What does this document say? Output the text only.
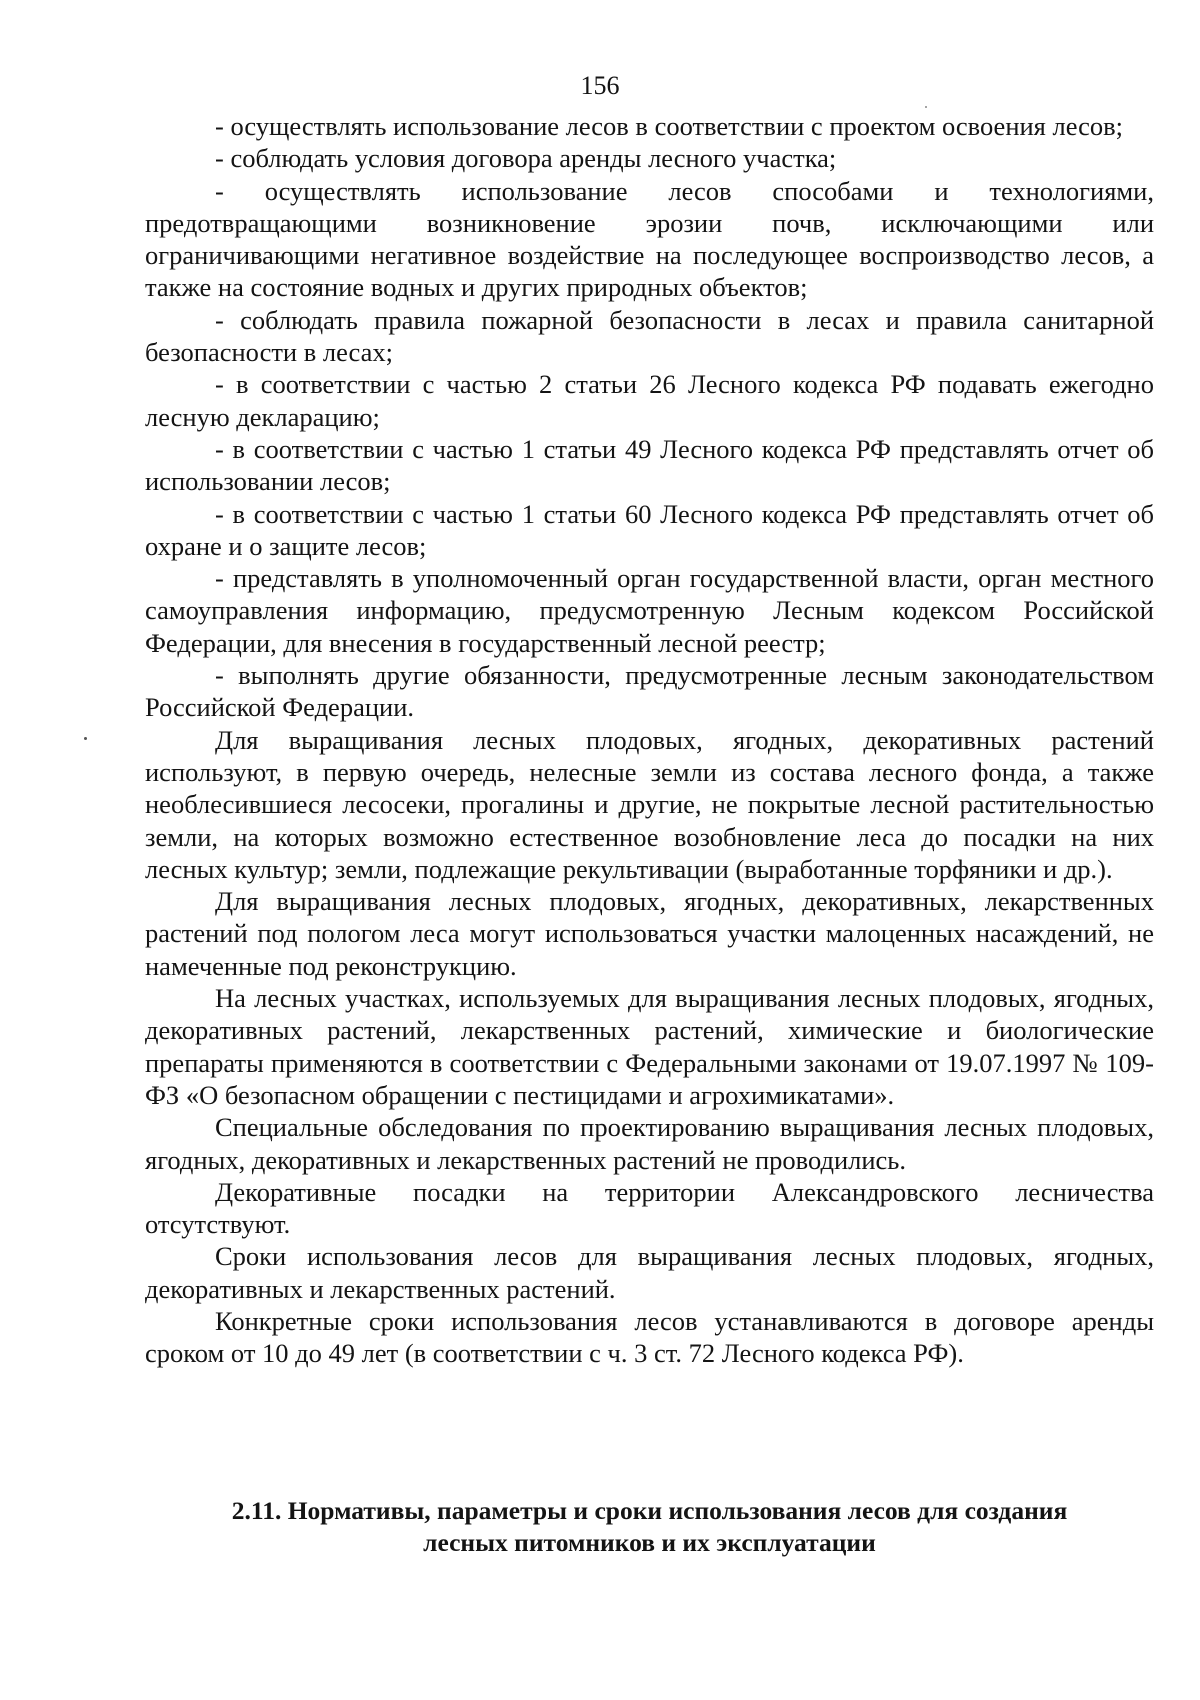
156

- осуществлять использование лесов в соответствии с проектом освоения лесов;

- соблюдать условия договора аренды лесного участка;

- осуществлять использование лесов способами и технологиями, предотвращающими возникновение эрозии почв, исключающими или ограничивающими негативное воздействие на последующее воспроизводство лесов, а также на состояние водных и других природных объектов;

- соблюдать правила пожарной безопасности в лесах и правила санитарной безопасности в лесах;

- в соответствии с частью 2 статьи 26 Лесного кодекса РФ подавать ежегодно лесную декларацию;

- в соответствии с частью 1 статьи 49 Лесного кодекса РФ представлять отчет об использовании лесов;

- в соответствии с частью 1 статьи 60 Лесного кодекса РФ представлять отчет об охране и о защите лесов;

- представлять в уполномоченный орган государственной власти, орган местного самоуправления информацию, предусмотренную Лесным кодексом Российской Федерации, для внесения в государственный лесной реестр;

- выполнять другие обязанности, предусмотренные лесным законодательством Российской Федерации.

Для выращивания лесных плодовых, ягодных, декоративных растений используют, в первую очередь, нелесные земли из состава лесного фонда, а также необлесившиеся лесосеки, прогалины и другие, не покрытые лесной растительностью земли, на которых возможно естественное возобновление леса до посадки на них лесных культур; земли, подлежащие рекультивации (выработанные торфяники и др.).

Для выращивания лесных плодовых, ягодных, декоративных, лекарственных растений под пологом леса могут использоваться участки малоценных насаждений, не намеченные под реконструкцию.

На лесных участках, используемых для выращивания лесных плодовых, ягодных, декоративных растений, лекарственных растений, химические и биологические препараты применяются в соответствии с Федеральными законами от 19.07.1997 № 109-ФЗ «О безопасном обращении с пестицидами и агрохимикатами».

Специальные обследования по проектированию выращивания лесных плодовых, ягодных, декоративных и лекарственных растений не проводились.

Декоративные посадки на территории Александровского лесничества отсутствуют.

Сроки использования лесов для выращивания лесных плодовых, ягодных, декоративных и лекарственных растений.

Конкретные сроки использования лесов устанавливаются в договоре аренды сроком от 10 до 49 лет (в соответствии с ч. 3 ст. 72 Лесного кодекса РФ).

2.11. Нормативы, параметры и сроки использования лесов для создания
лесных питомников и их эксплуатации
